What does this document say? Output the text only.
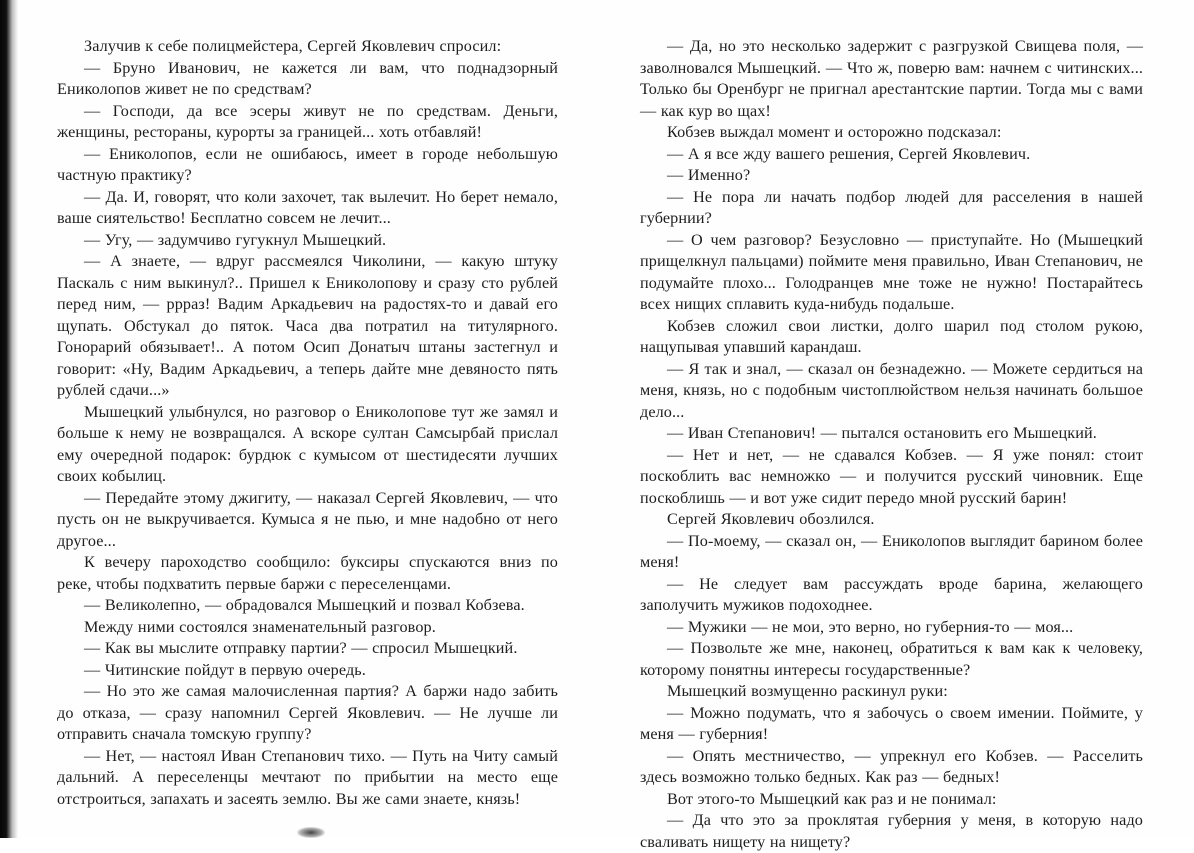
Залучив к себе полицмейстера, Сергей Яковлевич спросил:

— Бруно Иванович, не кажется ли вам, что поднадзорный Ениколопов живет не по средствам?

— Господи, да все эсеры живут не по средствам. Деньги, женщины, рестораны, курорты за границей... хоть отбавляй!

— Ениколопов, если не ошибаюсь, имеет в городе небольшую частную практику?

— Да. И, говорят, что коли захочет, так вылечит. Но берет немало, ваше сиятельство! Бесплатно совсем не лечит...

— Угу, — задумчиво гугукнул Мышецкий.

— А знаете, — вдруг рассмеялся Чиколини, — какую штуку Паскаль с ним выкинул?.. Пришел к Ениколопову и сразу сто рублей перед ним, — ррраз! Вадим Аркадьевич на радостях-то и давай его щупать. Обстукал до пяток. Часа два потратил на титулярного. Гонорарий обязывает!.. А потом Осип Донатыч штаны застегнул и говорит: «Ну, Вадим Аркадьевич, а теперь дайте мне девяносто пять рублей сдачи...»

Мышецкий улыбнулся, но разговор о Ениколопове тут же замял и больше к нему не возвращался. А вскоре султан Самсырбай прислал ему очередной подарок: бурдюк с кумысом от шестидесяти лучших своих кобылиц.

— Передайте этому джигиту, — наказал Сергей Яковлевич, — что пусть он не выкручивается. Кумыса я не пью, и мне надобно от него другое...

К вечеру пароходство сообщило: буксиры спускаются вниз по реке, чтобы подхватить первые баржи с переселенцами.

— Великолепно, — обрадовался Мышецкий и позвал Кобзева.

Между ними состоялся знаменательный разговор.

— Как вы мыслите отправку партии? — спросил Мышецкий.

— Читинские пойдут в первую очередь.

— Но это же самая малочисленная партия? А баржи надо забить до отказа, — сразу напомнил Сергей Яковлевич. — Не лучше ли отправить сначала томскую группу?

— Нет, — настоял Иван Степанович тихо. — Путь на Читу самый дальний. А переселенцы мечтают по прибытии на место еще отстроиться, запахать и засеять землю. Вы же сами знаете, князь!

— Да, но это несколько задержит с разгрузкой Свищева поля, — заволновался Мышецкий. — Что ж, поверю вам: начнем с читинских... Только бы Оренбург не пригнал арестантские партии. Тогда мы с вами — как кур во щах!

Кобзев выждал момент и осторожно подсказал:

— А я все жду вашего решения, Сергей Яковлевич.

— Именно?

— Не пора ли начать подбор людей для расселения в нашей губернии?

— О чем разговор? Безусловно — приступайте. Но (Мышецкий прищелкнул пальцами) поймите меня правильно, Иван Степанович, не подумайте плохо... Голодранцев мне тоже не нужно! Постарайтесь всех нищих сплавить куда-нибудь подальше.

Кобзев сложил свои листки, долго шарил под столом рукою, нащупывая упавший карандаш.

— Я так и знал, — сказал он безнадежно. — Можете сердиться на меня, князь, но с подобным чистоплюйством нельзя начинать большое дело...

— Иван Степанович! — пытался остановить его Мышецкий.

— Нет и нет, — не сдавался Кобзев. — Я уже понял: стоит поскоблить вас немножко — и получится русский чиновник. Еще поскоблишь — и вот уже сидит передо мной русский барин!

Сергей Яковлевич обозлился.

— По-моему, — сказал он, — Ениколопов выглядит барином более меня!

— Не следует вам рассуждать вроде барина, желающего заполучить мужиков подоходнее.

— Мужики — не мои, это верно, но губерния-то — моя...

— Позвольте же мне, наконец, обратиться к вам как к человеку, которому понятны интересы государственные?

Мышецкий возмущенно раскинул руки:

— Можно подумать, что я забочусь о своем имении. Поймите, у меня — губерния!

— Опять местничество, — упрекнул его Кобзев. — Расселить здесь возможно только бедных. Как раз — бедных!

Вот этого-то Мышецкий как раз и не понимал:

— Да что это за проклятая губерния у меня, в которую надо сваливать нищету на нищету?
